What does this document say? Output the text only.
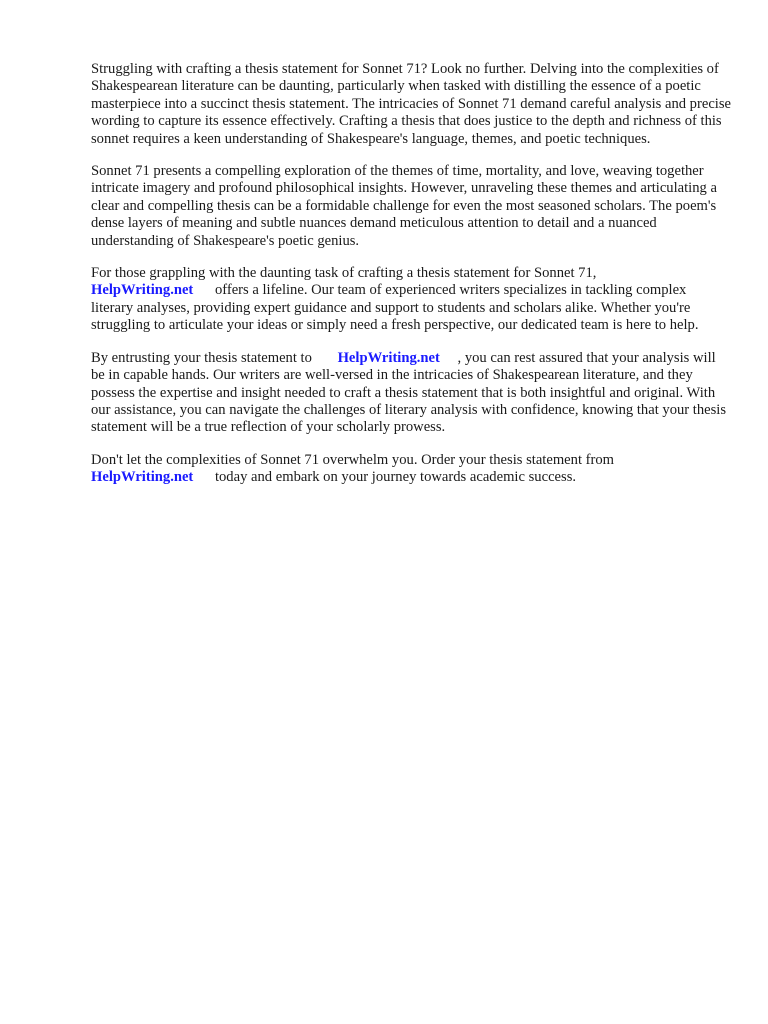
Struggling with crafting a thesis statement for Sonnet 71? Look no further. Delving into the complexities of Shakespearean literature can be daunting, particularly when tasked with distilling the essence of a poetic masterpiece into a succinct thesis statement. The intricacies of Sonnet 71 demand careful analysis and precise wording to capture its essence effectively. Crafting a thesis that does justice to the depth and richness of this sonnet requires a keen understanding of Shakespeare's language, themes, and poetic techniques.

Sonnet 71 presents a compelling exploration of the themes of time, mortality, and love, weaving together intricate imagery and profound philosophical insights. However, unraveling these themes and articulating a clear and compelling thesis can be a formidable challenge for even the most seasoned scholars. The poem's dense layers of meaning and subtle nuances demand meticulous attention to detail and a nuanced understanding of Shakespeare's poetic genius.

For those grappling with the daunting task of crafting a thesis statement for Sonnet 71,
HelpWriting.net offers a lifeline. Our team of experienced writers specializes in tackling complex literary analyses, providing expert guidance and support to students and scholars alike. Whether you're struggling to articulate your ideas or simply need a fresh perspective, our dedicated team is here to help.

By entrusting your thesis statement to HelpWriting.net , you can rest assured that your analysis will be in capable hands. Our writers are well-versed in the intricacies of Shakespearean literature, and they possess the expertise and insight needed to craft a thesis statement that is both insightful and original. With our assistance, you can navigate the challenges of literary analysis with confidence, knowing that your thesis statement will be a true reflection of your scholarly prowess.

Don't let the complexities of Sonnet 71 overwhelm you. Order your thesis statement from
HelpWriting.net today and embark on your journey towards academic success.
